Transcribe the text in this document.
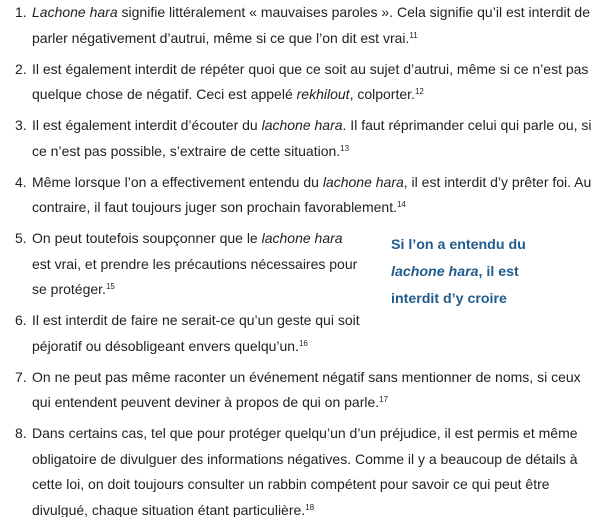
1. Lachone hara signifie littéralement « mauvaises paroles ». Cela signifie qu’il est interdit de parler négativement d’autrui, même si ce que l’on dit est vrai.$^{11}$
2. Il est également interdit de répéter quoi que ce soit au sujet d’autrui, même si ce n’est pas quelque chose de négatif. Ceci est appelé rekhilout, colporter.$^{12}$
3. Il est également interdit d’écouter du lachone hara. Il faut réprimander celui qui parle ou, si ce n’est pas possible, s’extraire de cette situation.$^{13}$
4. Même lorsque l’on a effectivement entendu du lachone hara, il est interdit d’y prêter foi. Au contraire, il faut toujours juger son prochain favorablement.$^{14}$
5. On peut toutefois soupçonner que le lachone hara est vrai, et prendre les précautions nécessaires pour se protéger.$^{15}$
6. Il est interdit de faire ne serait-ce qu’un geste qui soit péjoratif ou désobligeant envers quelqu’un.$^{16}$
7. On ne peut pas même raconter un événement négatif sans mentionner de noms, si ceux qui entendent peuvent deviner à propos de qui on parle.$^{17}$
8. Dans certains cas, tel que pour protéger quelqu’un d’un préjudice, il est permis et même obligatoire de divulguer des informations négatives. Comme il y a beaucoup de détails à cette loi, on doit toujours consulter un rabbin compétent pour savoir ce qui peut être divulgué, chaque situation étant particulière.$^{18}$
Si l’on a entendu du lachone hara, il est interdit d’y croire
